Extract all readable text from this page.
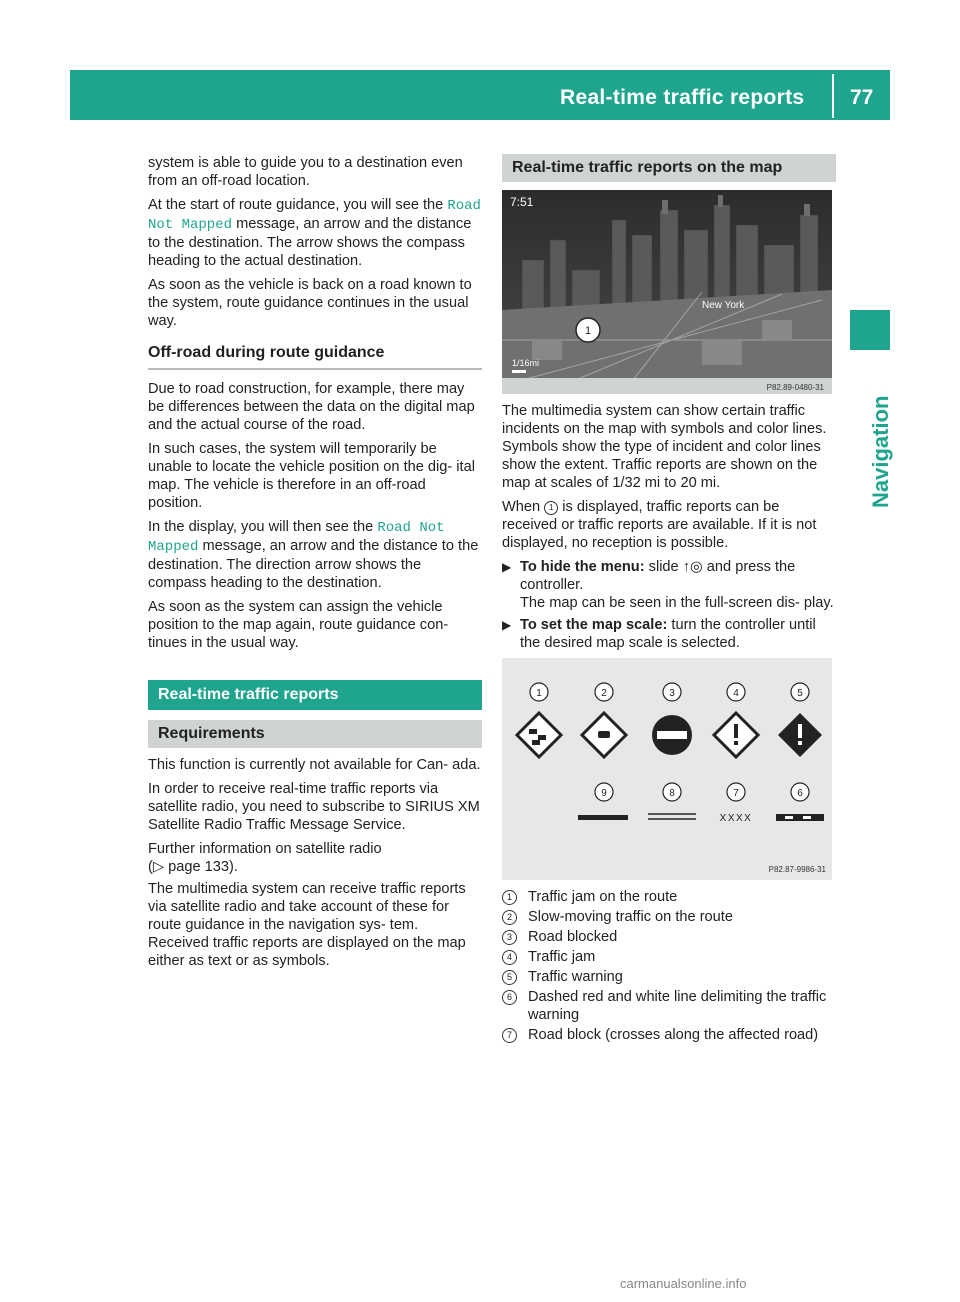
Real-time traffic reports 77
Navigation

system is able to guide you to a destination even from an off-road location.

At the start of route guidance, you will see the Road Not Mapped message, an arrow and the distance to the destination. The arrow shows the compass heading to the actual destination.

As soon as the vehicle is back on a road known to the system, route guidance continues in the usual way.

Off-road during route guidance

Due to road construction, for example, there may be differences between the data on the digital map and the actual course of the road.

In such cases, the system will temporarily be unable to locate the vehicle position on the dig- ital map. The vehicle is therefore in an off-road position.

In the display, you will then see the Road Not Mapped message, an arrow and the distance to the destination. The direction arrow shows the compass heading to the destination.

As soon as the system can assign the vehicle position to the map again, route guidance con- tinues in the usual way.

Real-time traffic reports
Requirements

This function is currently not available for Can- ada.

In order to receive real-time traffic reports via satellite radio, you need to subscribe to SIRIUS XM Satellite Radio Traffic Message Service.

Further information on satellite radio
(▷ page 133).

The multimedia system can receive traffic reports via satellite radio and take account of these for route guidance in the navigation sys- tem. Received traffic reports are displayed on the map either as text or as symbols.

Real-time traffic reports on the map
7:51
New York
1
1/16mi
P82.89-0480-31

The multimedia system can show certain traffic incidents on the map with symbols and color lines. Symbols show the type of incident and color lines show the extent. Traffic reports are shown on the map at scales of 1/32 mi to 20 mi.

When 1 is displayed, traffic reports can be received or traffic reports are available. If it is not displayed, no reception is possible.

▶ To hide the menu: slide ↑◎ and press the controller.
The map can be seen in the full-screen dis- play.
▶ To set the map scale: turn the controller until the desired map scale is selected.
1	2	3	4	5
9	8	7	6
XXXX
P82.87-9986-31
1	Traffic jam on the route
2	Slow-moving traffic on the route
3	Road blocked
4	Traffic jam
5	Traffic warning
6	Dashed red and white line delimiting the traffic warning
7	Road block (crosses along the affected road)
carmanualsonline.info
